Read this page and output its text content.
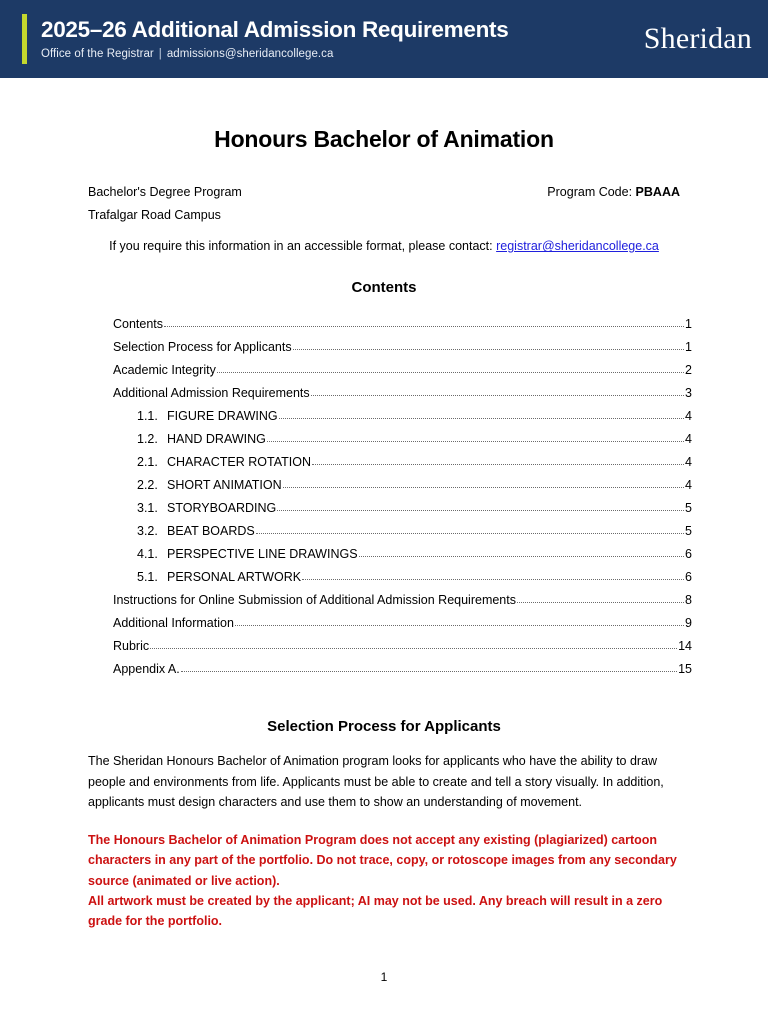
2025–26 Additional Admission Requirements
Office of the Registrar | admissions@sheridancollege.ca	Sheridan
Honours Bachelor of Animation
Bachelor's Degree Program	Program Code: PBAAA
Trafalgar Road Campus
If you require this information in an accessible format, please contact: registrar@sheridancollege.ca
Contents
Contents	1
Selection Process for Applicants	1
Academic Integrity	2
Additional Admission Requirements	3
1.1. FIGURE DRAWING	4
1.2. HAND DRAWING	4
2.1. CHARACTER ROTATION	4
2.2. SHORT ANIMATION	4
3.1. STORYBOARDING	5
3.2. BEAT BOARDS	5
4.1. PERSPECTIVE LINE DRAWINGS	6
5.1. PERSONAL ARTWORK	6
Instructions for Online Submission of Additional Admission Requirements	8
Additional Information	9
Rubric	14
Appendix A.	15
Selection Process for Applicants
The Sheridan Honours Bachelor of Animation program looks for applicants who have the ability to draw people and environments from life. Applicants must be able to create and tell a story visually. In addition, applicants must design characters and use them to show an understanding of movement.

The Honours Bachelor of Animation Program does not accept any existing (plagiarized) cartoon characters in any part of the portfolio. Do not trace, copy, or rotoscope images from any secondary source (animated or live action).

All artwork must be created by the applicant; AI may not be used. Any breach will result in a zero grade for the portfolio.

1
